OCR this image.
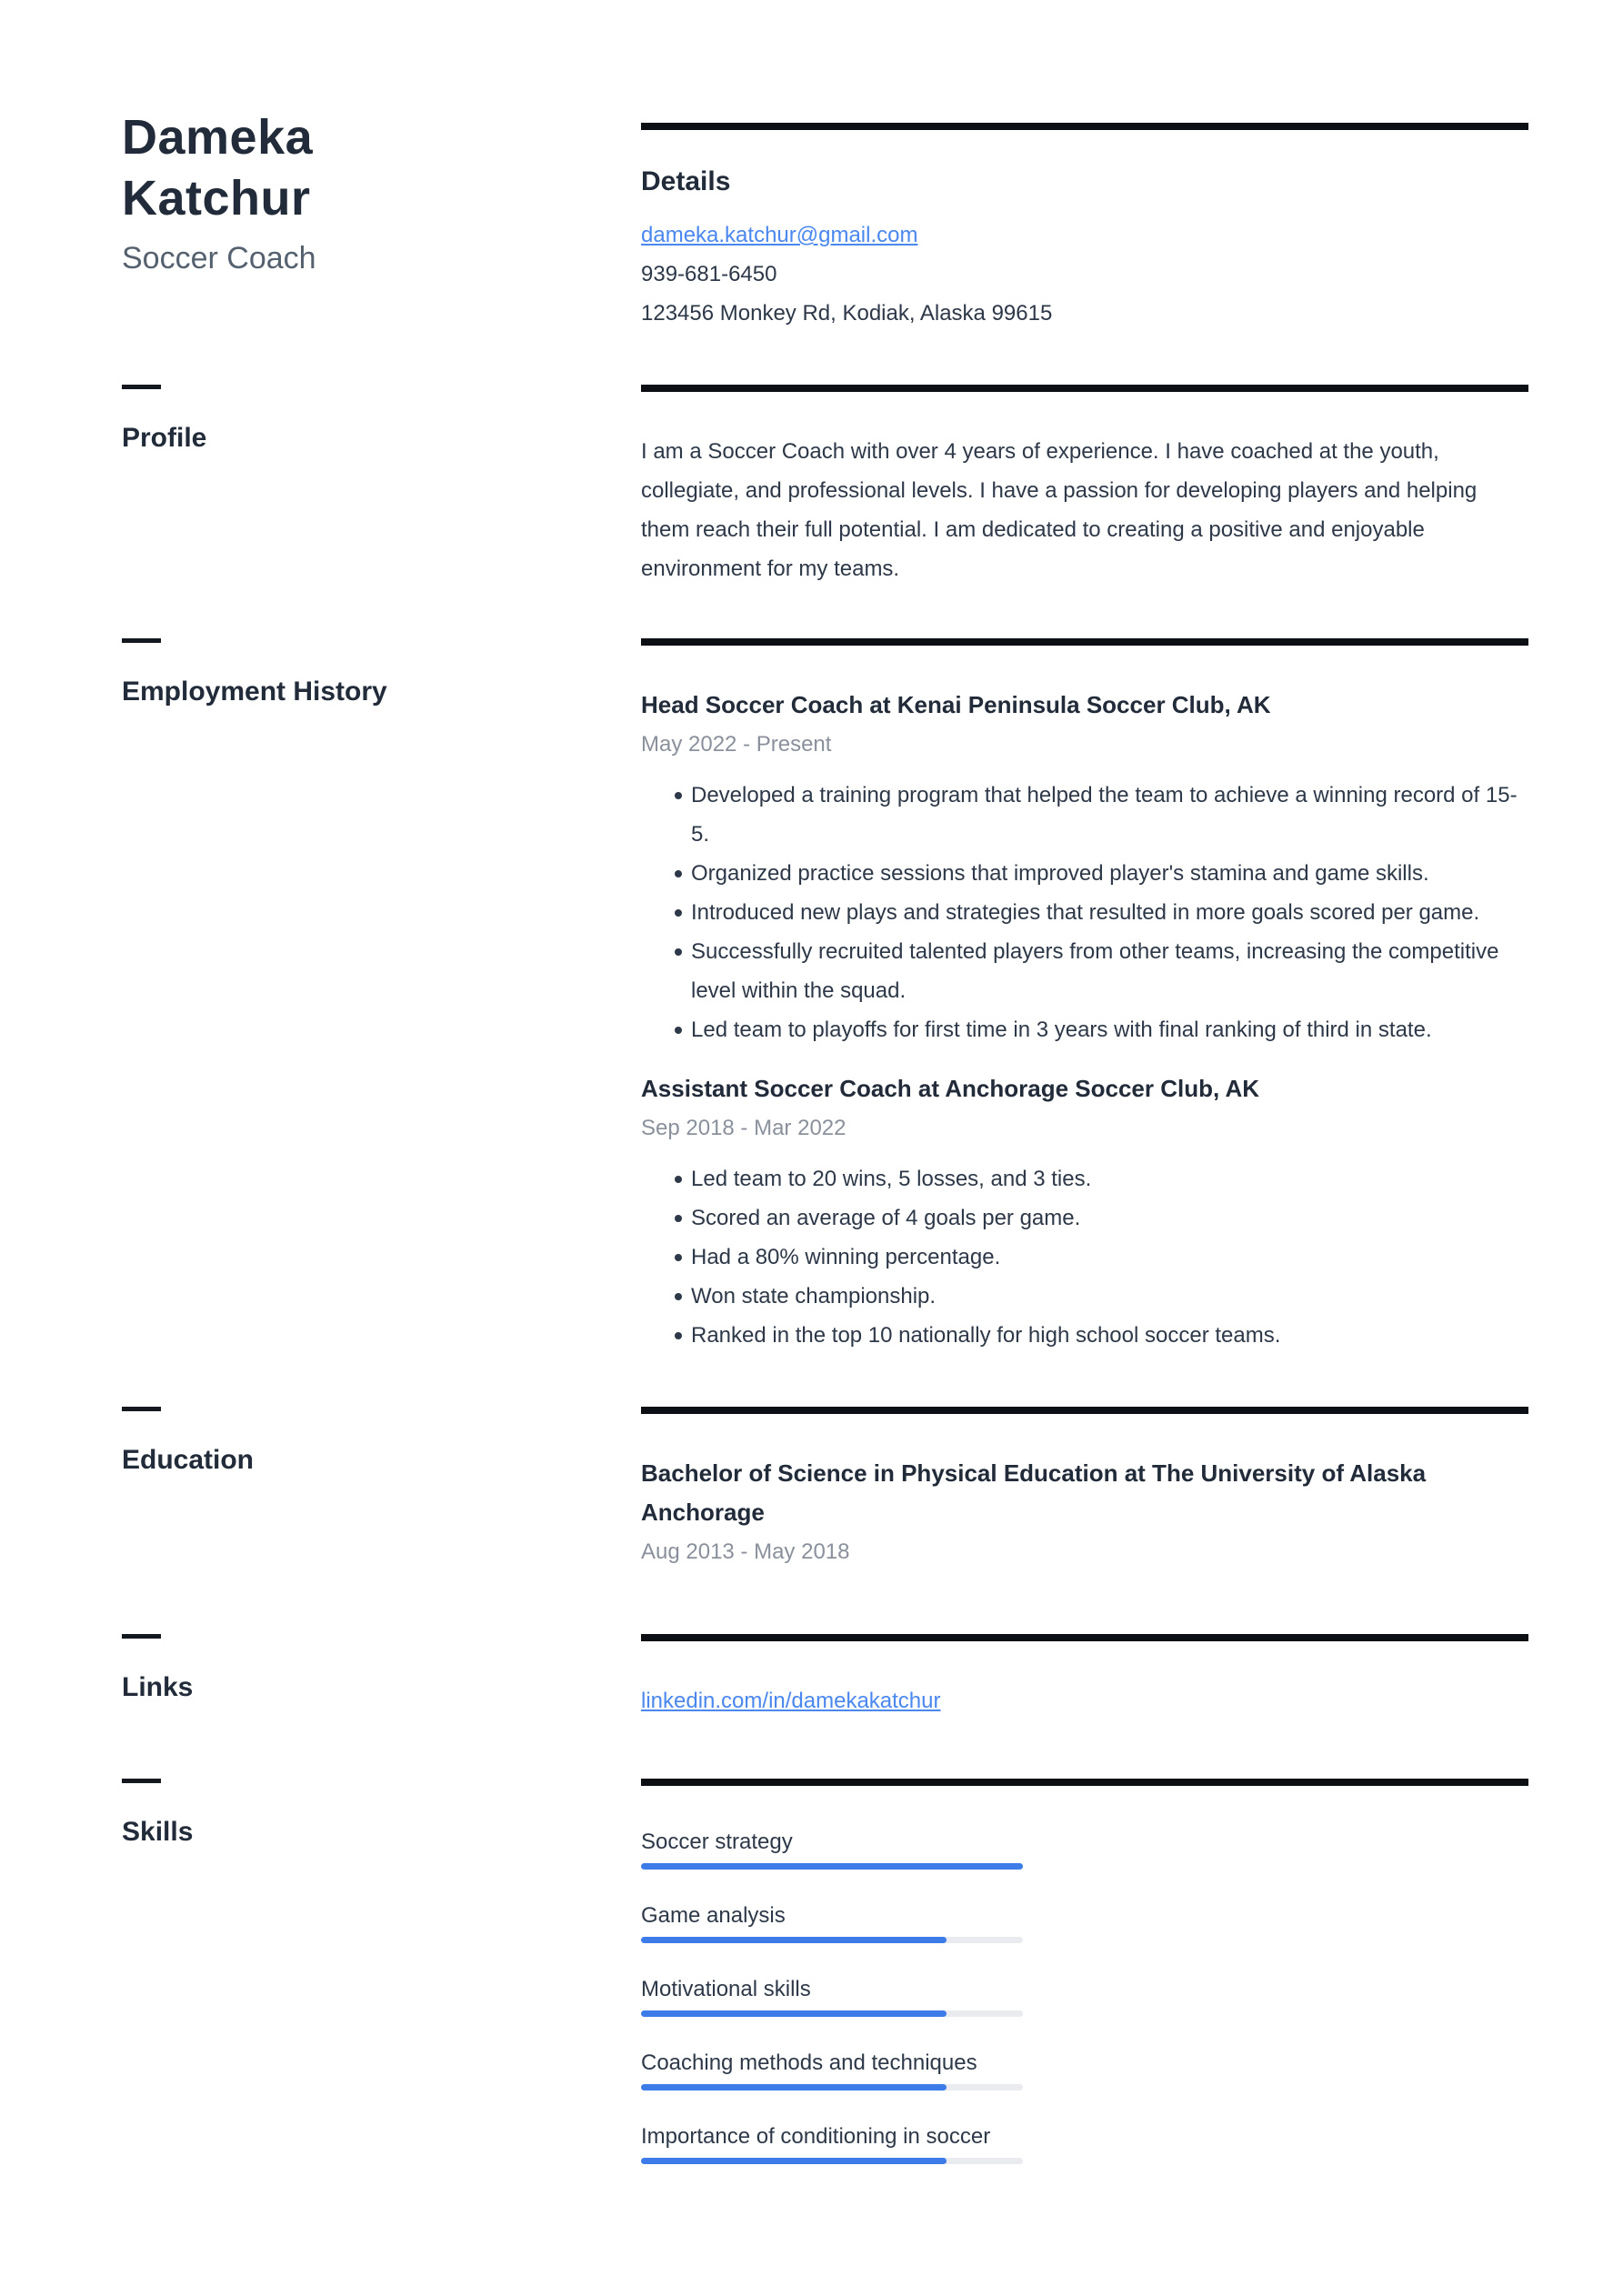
Dameka Katchur
Soccer Coach
Details
dameka.katchur@gmail.com
939-681-6450
123456 Monkey Rd, Kodiak, Alaska 99615
Profile	I am a Soccer Coach with over 4 years of experience. I have coached at the youth, collegiate, and professional levels. I have a passion for developing players and helping them reach their full potential. I am dedicated to creating a positive and enjoyable environment for my teams.
Employment History	Head Soccer Coach at Kenai Peninsula Soccer Club, AK
May 2022 - Present
Developed a training program that helped the team to achieve a winning record of 15-5.
Organized practice sessions that improved player's stamina and game skills.
Introduced new plays and strategies that resulted in more goals scored per game.
Successfully recruited talented players from other teams, increasing the competitive level within the squad.
Led team to playoffs for first time in 3 years with final ranking of third in state.
Assistant Soccer Coach at Anchorage Soccer Club, AK
Sep 2018 - Mar 2022
Led team to 20 wins, 5 losses, and 3 ties.
Scored an average of 4 goals per game.
Had a 80% winning percentage.
Won state championship.
Ranked in the top 10 nationally for high school soccer teams.
Education	Bachelor of Science in Physical Education at The University of Alaska Anchorage
Aug 2013 - May 2018
Links	linkedin.com/in/damekakatchur
Skills	Soccer strategy
Game analysis
Motivational skills
Coaching methods and techniques
Importance of conditioning in soccer
